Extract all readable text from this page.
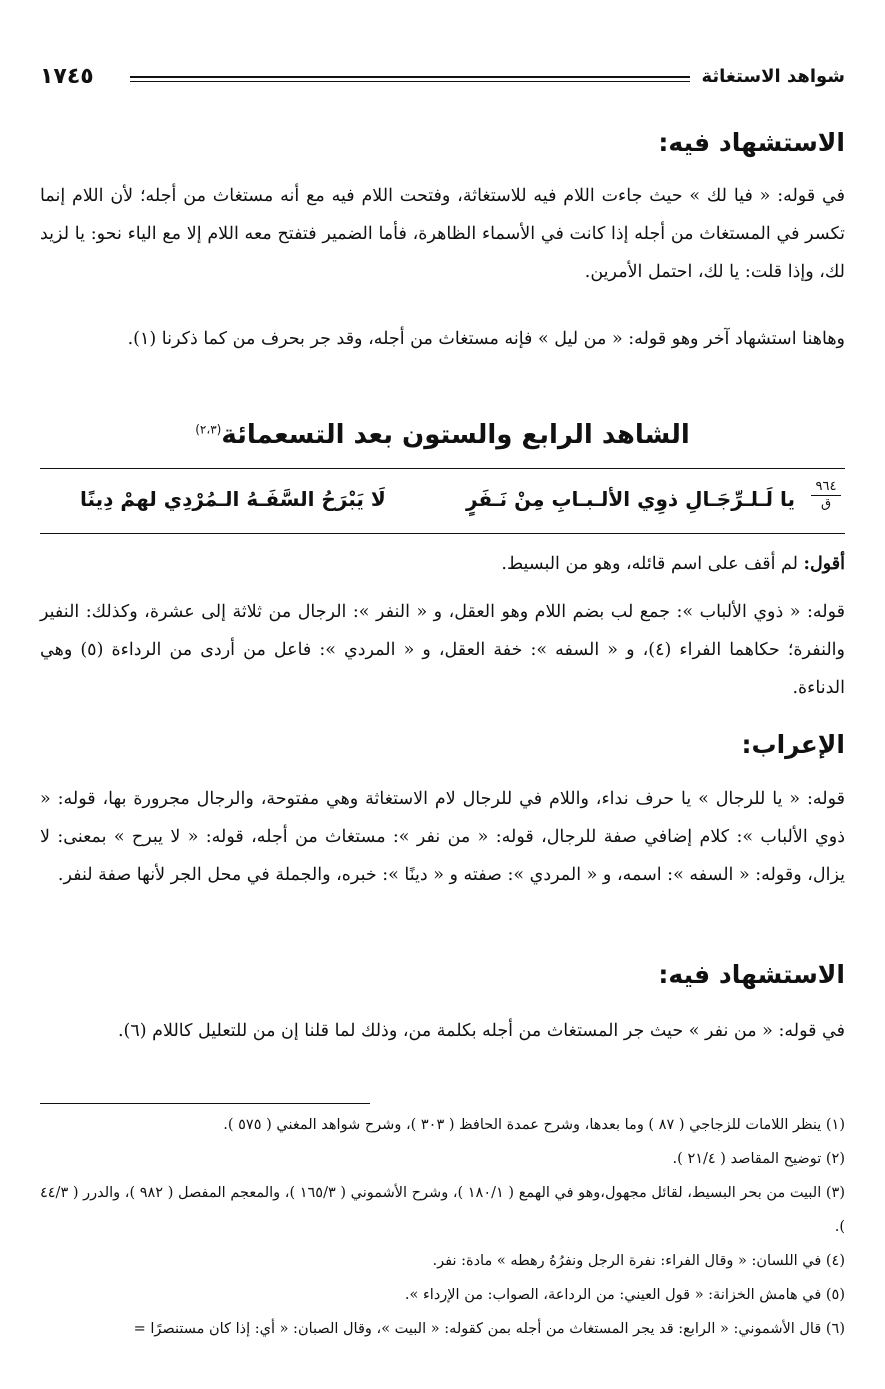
شواهد الاستغاثة
١٧٤٥
الاستشهاد فيه:

في قوله: « فيا لك » حيث جاءت اللام فيه للاستغاثة، وفتحت اللام فيه مع أنه مستغاث من أجله؛ لأن اللام إنما تكسر في المستغاث من أجله إذا كانت في الأسماء الظاهرة، فأما الضمير فتفتح معه اللام إلا مع الياء نحو: يا لزيد لك، وإذا قلت: يا لك، احتمل الأمرين.

وهاهنا استشهاد آخر وهو قوله: « من ليل » فإنه مستغاث من أجله، وقد جر بحرف من كما ذكرنا (١).

الشاهد الرابع والستون بعد التسعمائة$^{(٢،٣)}$
٩٦٤
ق
يا لَـلـرِّجَـالِ ذوِي الألـبـابِ مِنْ نَـفَرٍ
لَا يَبْرَحُ السَّفَـهُ الـمُرْدِي لهمْ دِينًا

أقول: لم أقف على اسم قائله، وهو من البسيط.

قوله: « ذوي الألباب »: جمع لب بضم اللام وهو العقل، و « النفر »: الرجال من ثلاثة إلى عشرة، وكذلك: النفير والنفرة؛ حكاهما الفراء (٤)، و « السفه »: خفة العقل، و « المردي »: فاعل من أردى من الرداءة (٥) وهي الدناءة.

الإعراب:

قوله: « يا للرجال » يا حرف نداء، واللام في للرجال لام الاستغاثة وهي مفتوحة، والرجال مجرورة بها، قوله: « ذوي الألباب »: كلام إضافي صفة للرجال، قوله: « من نفر »: مستغاث من أجله، قوله: « لا يبرح » بمعنى: لا يزال، وقوله: « السفه »: اسمه، و « المردي »: صفته و « دينًا »: خبره، والجملة في محل الجر لأنها صفة لنفر.

الاستشهاد فيه:

في قوله: « من نفر » حيث جر المستغاث من أجله بكلمة من، وذلك لما قلنا إن من للتعليل كاللام (٦).

(١) ينظر اللامات للزجاجي ( ٨٧ ) وما بعدها، وشرح عمدة الحافظ ( ٣٠٣ )، وشرح شواهد المغني ( ٥٧٥ ).
(٢) توضيح المقاصد ( ٢١/٤ ).
(٣) البيت من بحر البسيط، لقائل مجهول،وهو في الهمع ( ١٨٠/١ )، وشرح الأشموني ( ١٦٥/٣ )، والمعجم المفصل ( ٩٨٢ )، والدرر ( ٤٤/٣ ).
(٤) في اللسان: « وقال الفراء: نفرة الرجل ونفرُهُ رهطه » مادة: نفر.
(٥) في هامش الخزانة: « قول العيني: من الرداعة، الصواب: من الإرداء ».
(٦) قال الأشموني: « الرابع: قد يجر المستغاث من أجله بمن كقوله: « البيت »، وقال الصبان: « أي: إذا كان مستنصرًا =
